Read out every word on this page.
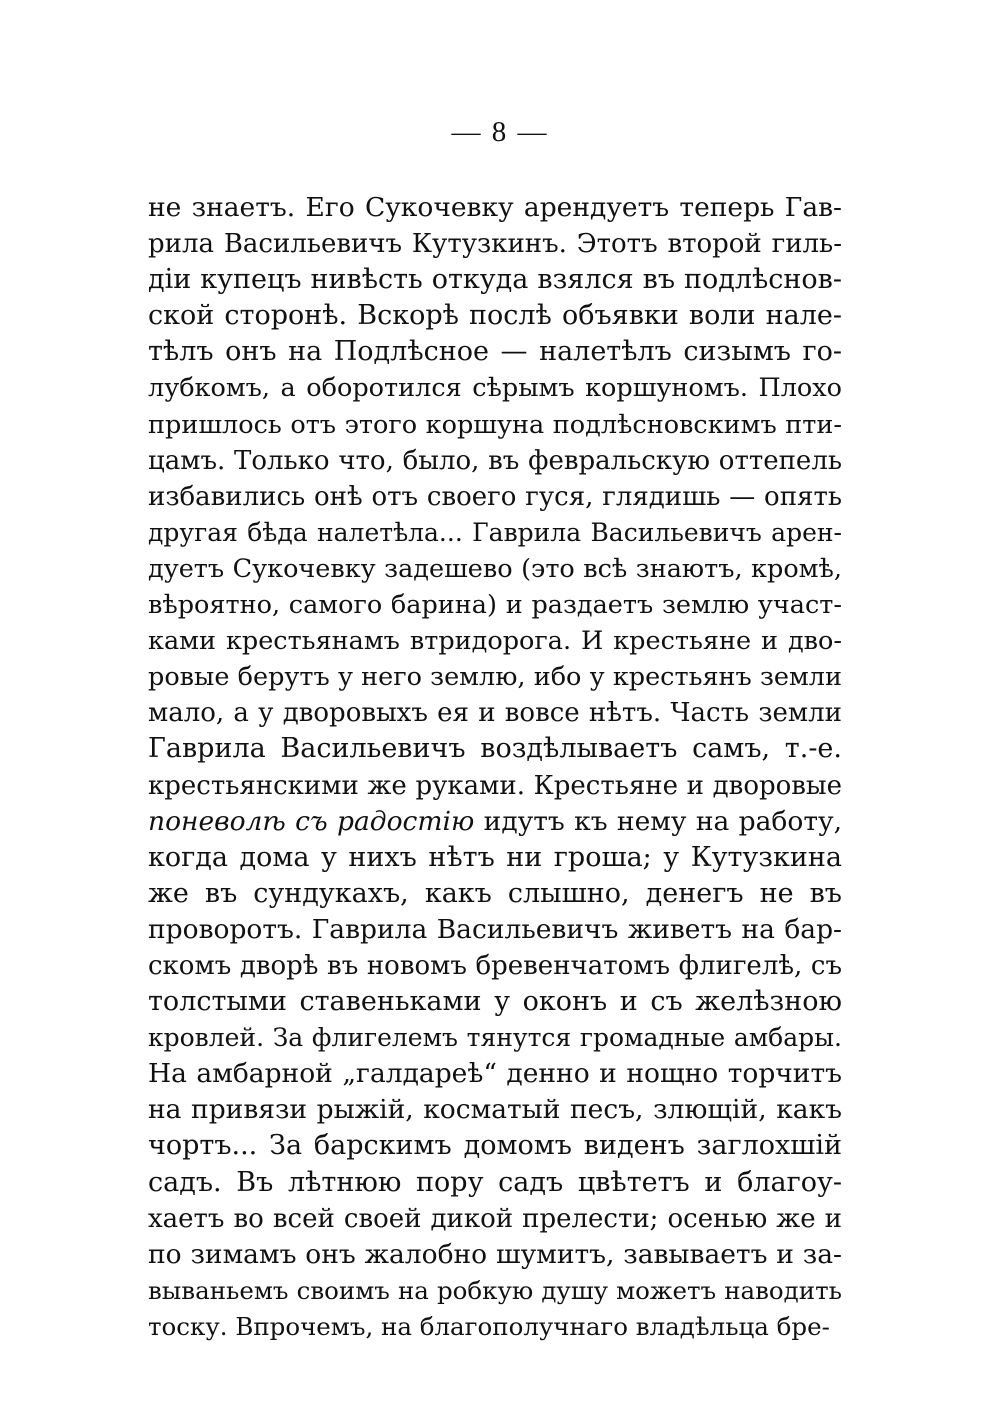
— 8 —
не знаетъ. Его Сукочевку арендуетъ теперь Гав-
рила Васильевичъ Кутузкинъ. Этотъ второй гиль-
дiи купецъ нивѣсть откуда взялся въ подлѣснов-
ской сторонѣ. Вскорѣ послѣ объявки воли нале-
тѣлъ онъ на Подлѣсное — налетѣлъ сизымъ го-
лубкомъ, а оборотился сѣрымъ коршуномъ. Плохо
пришлось отъ этого коршуна подлѣсновскимъ пти-
цамъ. Только что, было, въ февральскую оттепель
избавились онѣ отъ своего гуся, глядишь — опять
другая бѣда налетѣла... Гаврила Васильевичъ арен-
дуетъ Сукочевку задешево (это всѣ знаютъ, кромѣ,
вѣроятно, самого барина) и раздаетъ землю участ-
ками крестьянамъ втридорога. И крестьяне и дво-
ровые берутъ у него землю, ибо у крестьянъ земли
мало, а у дворовыхъ ея и вовсе нѣтъ. Часть земли
Гаврила Васильевичъ воздѣлываетъ самъ, т.-е.
крестьянскими же руками. Крестьяне и дворовые
поневолѣ съ радостiю идутъ къ нему на работу,
когда дома у нихъ нѣтъ ни гроша; у Кутузкина
же въ сундукахъ, какъ слышно, денегъ не въ
проворотъ. Гаврила Васильевичъ живетъ на бар-
скомъ дворѣ въ новомъ бревенчатомъ флигелѣ, съ
толстыми ставеньками у оконъ и съ желѣзною
кровлей. За флигелемъ тянутся громадные амбары.
На амбарной „галдареѣ“ денно и нощно торчитъ
на привязи рыжiй, косматый песъ, злющiй, какъ
чортъ... За барскимъ домомъ виденъ заглохшiй
садъ. Въ лѣтнюю пору садъ цвѣтетъ и благоу-
хаетъ во всей своей дикой прелести; осенью же и
по зимамъ онъ жалобно шумитъ, завываетъ и за-
вываньемъ своимъ на робкую душу можетъ наводить
тоску. Впрочемъ, на благополучнаго владѣльца бре-
